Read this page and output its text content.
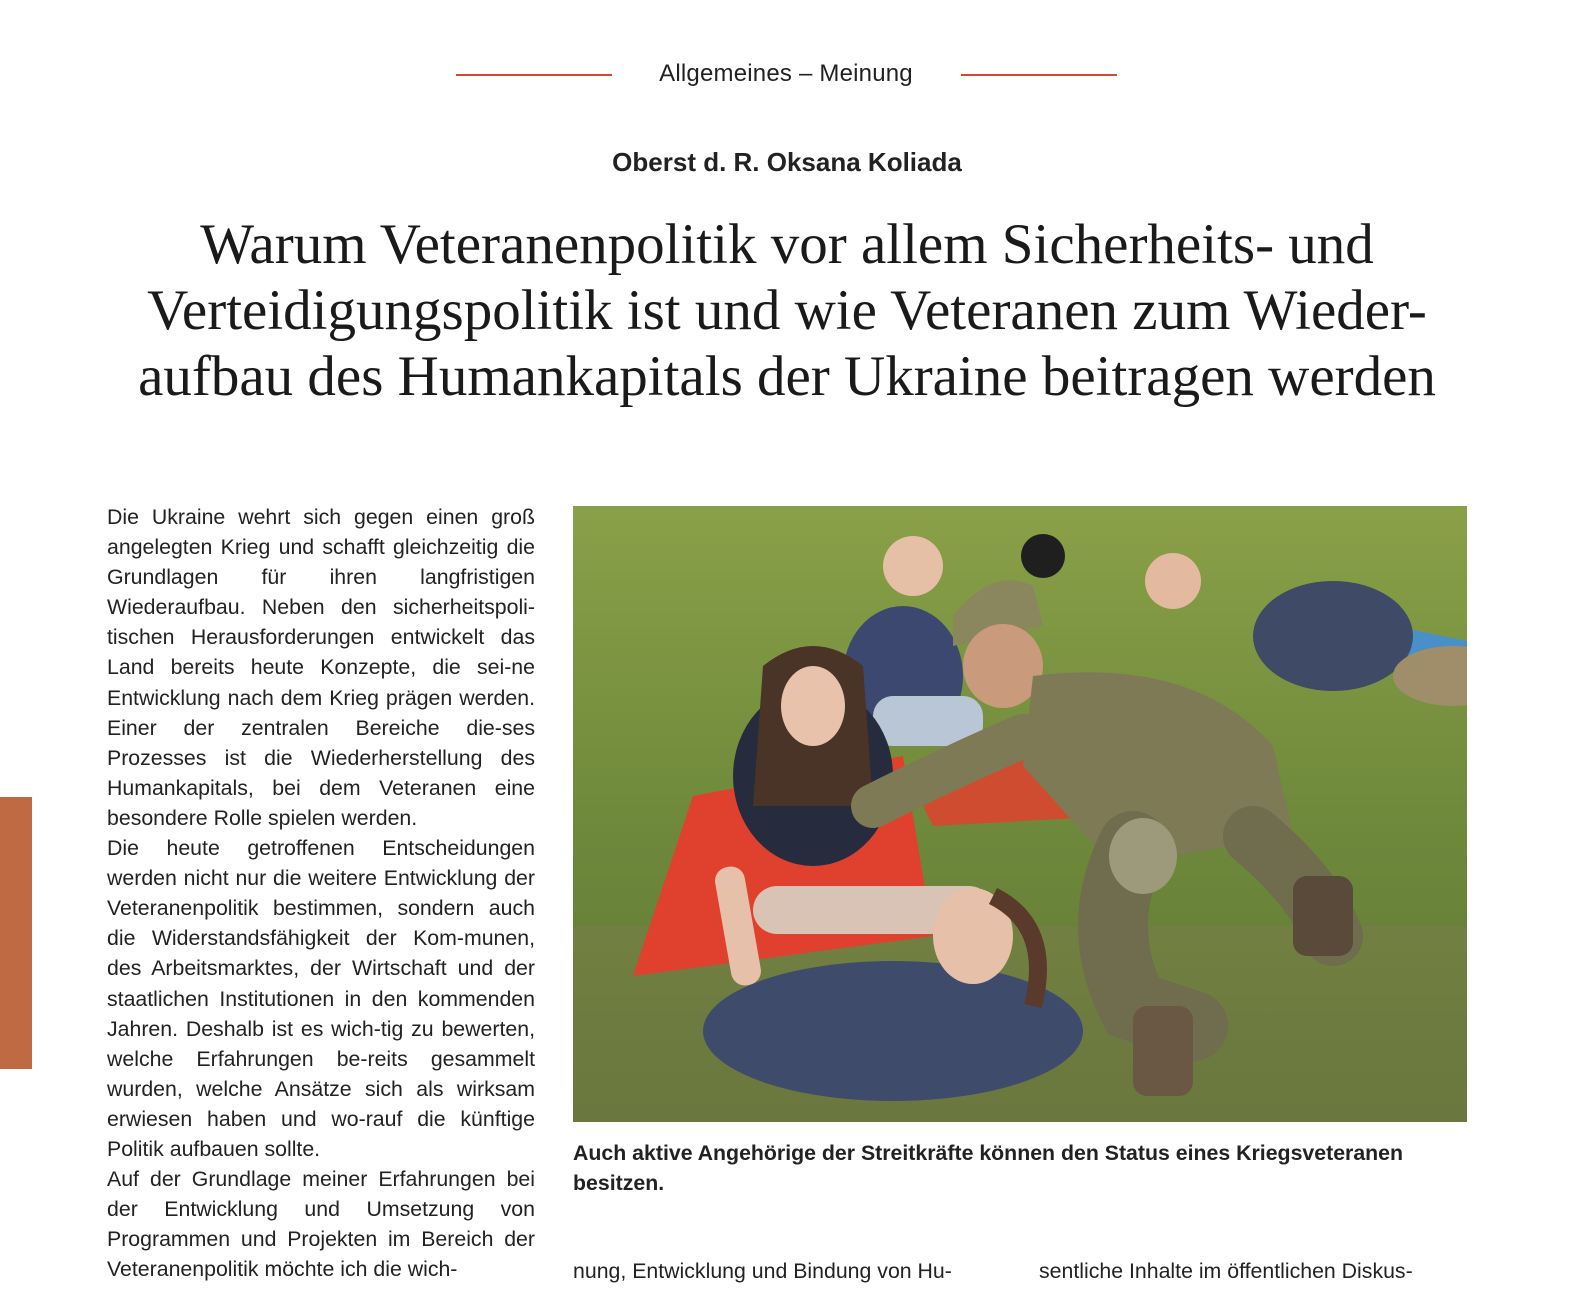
Allgemeines – Meinung
Oberst d. R. Oksana Koliada
Warum Veteranenpolitik vor allem Sicherheits- und
Verteidigungspolitik ist und wie Veteranen zum Wieder-
aufbau des Humankapitals der Ukraine beitragen werden

Die Ukraine wehrt sich gegen einen groß angelegten Krieg und schafft gleichzeitig die Grundlagen für ihren langfristigen Wiederaufbau. Neben den sicherheitspoli-tischen Herausforderungen entwickelt das Land bereits heute Konzepte, die sei-ne Entwicklung nach dem Krieg prägen werden. Einer der zentralen Bereiche die-ses Prozesses ist die Wiederherstellung des Humankapitals, bei dem Veteranen eine besondere Rolle spielen werden.

Die heute getroffenen Entscheidungen werden nicht nur die weitere Entwicklung der Veteranenpolitik bestimmen, sondern auch die Widerstandsfähigkeit der Kom-munen, des Arbeitsmarktes, der Wirtschaft und der staatlichen Institutionen in den kommenden Jahren. Deshalb ist es wich-tig zu bewerten, welche Erfahrungen be-reits gesammelt wurden, welche Ansätze sich als wirksam erwiesen haben und wo-rauf die künftige Politik aufbauen sollte.

Auf der Grundlage meiner Erfahrungen bei der Entwicklung und Umsetzung von Programmen und Projekten im Bereich der Veteranenpolitik möchte ich die wich-

Auch aktive Angehörige der Streitkräfte können den Status eines Kriegsveteranen besitzen.
nung, Entwicklung und Bindung von Hu-	sentliche Inhalte im öffentlichen Diskus-
